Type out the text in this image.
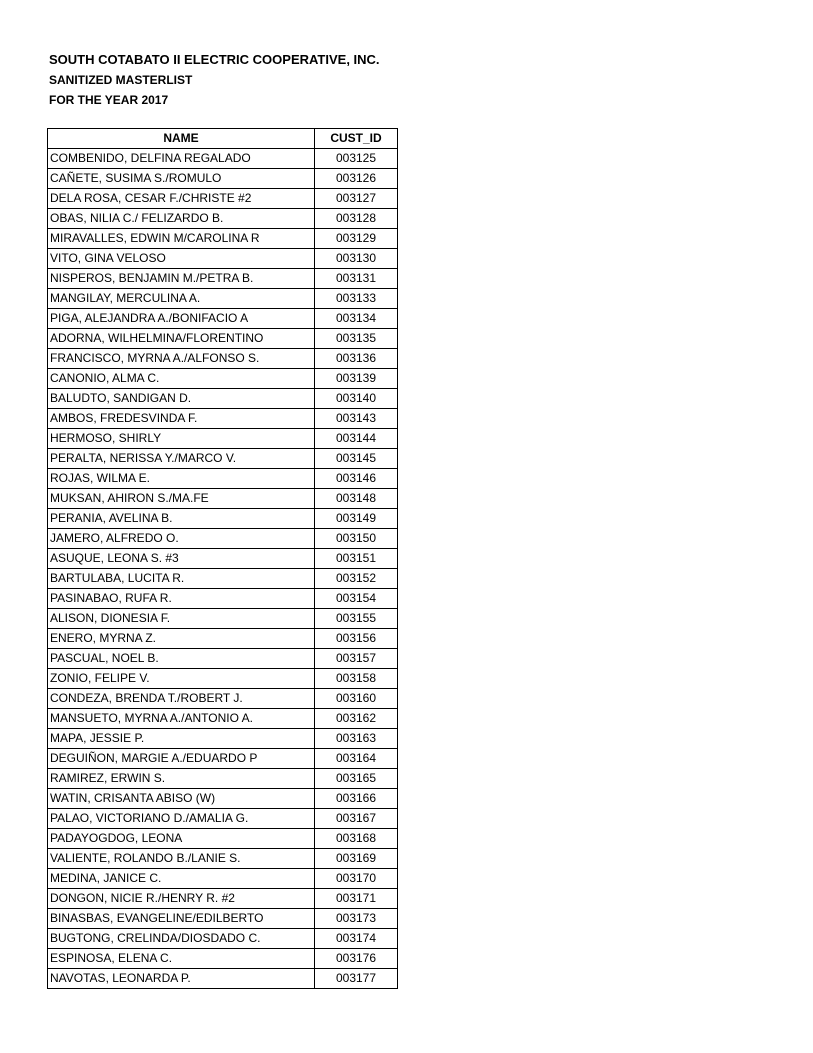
SOUTH COTABATO II ELECTRIC COOPERATIVE, INC.
SANITIZED MASTERLIST
FOR THE YEAR 2017
NAME	CUST_ID
COMBENIDO, DELFINA REGALADO	003125
CAÑETE, SUSIMA S./ROMULO	003126
DELA ROSA, CESAR F./CHRISTE #2	003127
OBAS, NILIA C./ FELIZARDO B.	003128
MIRAVALLES, EDWIN M/CAROLINA R	003129
VITO, GINA VELOSO	003130
NISPEROS, BENJAMIN M./PETRA B.	003131
MANGILAY, MERCULINA A.	003133
PIGA, ALEJANDRA A./BONIFACIO A	003134
ADORNA, WILHELMINA/FLORENTINO	003135
FRANCISCO, MYRNA A./ALFONSO S.	003136
CANONIO, ALMA C.	003139
BALUDTO, SANDIGAN D.	003140
AMBOS, FREDESVINDA F.	003143
HERMOSO, SHIRLY	003144
PERALTA, NERISSA Y./MARCO V.	003145
ROJAS, WILMA E.	003146
MUKSAN, AHIRON S./MA.FE	003148
PERANIA, AVELINA B.	003149
JAMERO, ALFREDO O.	003150
ASUQUE, LEONA S. #3	003151
BARTULABA, LUCITA R.	003152
PASINABAO, RUFA R.	003154
ALISON, DIONESIA F.	003155
ENERO, MYRNA Z.	003156
PASCUAL, NOEL B.	003157
ZONIO, FELIPE V.	003158
CONDEZA, BRENDA T./ROBERT J.	003160
MANSUETO, MYRNA A./ANTONIO A.	003162
MAPA, JESSIE P.	003163
DEGUIÑON, MARGIE A./EDUARDO P	003164
RAMIREZ, ERWIN S.	003165
WATIN, CRISANTA ABISO (W)	003166
PALAO, VICTORIANO D./AMALIA G.	003167
PADAYOGDOG, LEONA	003168
VALIENTE, ROLANDO B./LANIE S.	003169
MEDINA, JANICE C.	003170
DONGON, NICIE R./HENRY R. #2	003171
BINASBAS, EVANGELINE/EDILBERTO	003173
BUGTONG, CRELINDA/DIOSDADO C.	003174
ESPINOSA, ELENA C.	003176
NAVOTAS, LEONARDA P.	003177
